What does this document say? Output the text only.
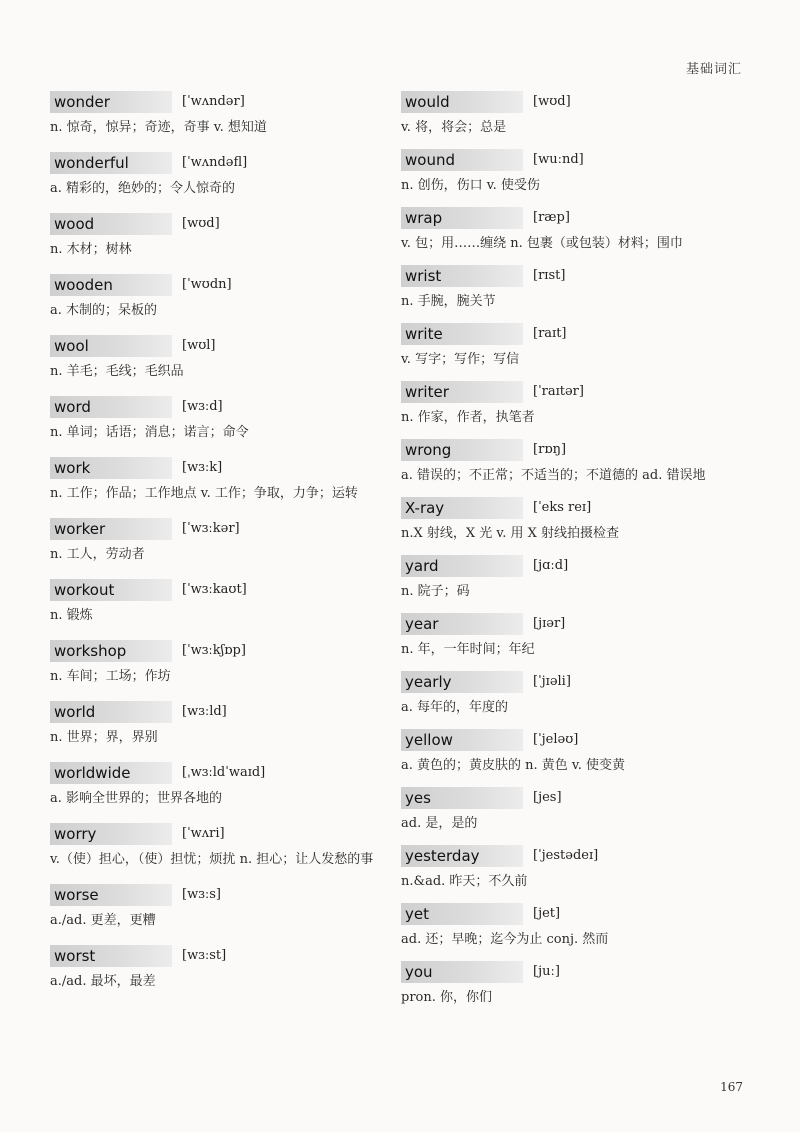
基础词汇
wonder	[ˈwʌndər]
n. 惊奇，惊异；奇迹，奇事 v. 想知道
wonderful	[ˈwʌndəfl]
a. 精彩的，绝妙的；令人惊奇的
wood	[wʊd]
n. 木材；树林
wooden	[ˈwʊdn]
a. 木制的；呆板的
wool	[wʊl]
n. 羊毛；毛线；毛织品
word	[wɜːd]
n. 单词；话语；消息；诺言；命令
work	[wɜːk]
n. 工作；作品；工作地点 v. 工作；争取，力争；运转
worker	[ˈwɜːkər]
n. 工人，劳动者
workout	[ˈwɜːkaʊt]
n. 锻炼
workshop	[ˈwɜːkʃɒp]
n. 车间；工场；作坊
world	[wɜːld]
n. 世界；界，界别
worldwide	[ˌwɜːldˈwaɪd]
a. 影响全世界的；世界各地的
worry	[ˈwʌri]
v.（使）担心，（使）担忧；烦扰 n. 担心；让人发愁的事
worse	[wɜːs]
a./ad. 更差，更糟
worst	[wɜːst]
a./ad. 最坏，最差
would	[wʊd]
v. 将，将会；总是
wound	[wuːnd]
n. 创伤，伤口 v. 使受伤
wrap	[ræp]
v. 包；用……缠绕 n. 包裹（或包装）材料；围巾
wrist	[rɪst]
n. 手腕，腕关节
write	[raɪt]
v. 写字；写作；写信
writer	[ˈraɪtər]
n. 作家，作者，执笔者
wrong	[rɒŋ]
a. 错误的；不正常；不适当的；不道德的 ad. 错误地
X-ray	[ˈeks reɪ]
n.X 射线，X 光 v. 用 X 射线拍摄检查
yard	[jɑːd]
n. 院子；码
year	[jɪər]
n. 年，一年时间；年纪
yearly	[ˈjɪəli]
a. 每年的，年度的
yellow	[ˈjeləʊ]
a. 黄色的；黄皮肤的 n. 黄色 v. 使变黄
yes	[jes]
ad. 是，是的
yesterday	[ˈjestədeɪ]
n.&ad. 昨天；不久前
yet	[jet]
ad. 还；早晚；迄今为止 conj. 然而
you	[juː]
pron. 你，你们
167
